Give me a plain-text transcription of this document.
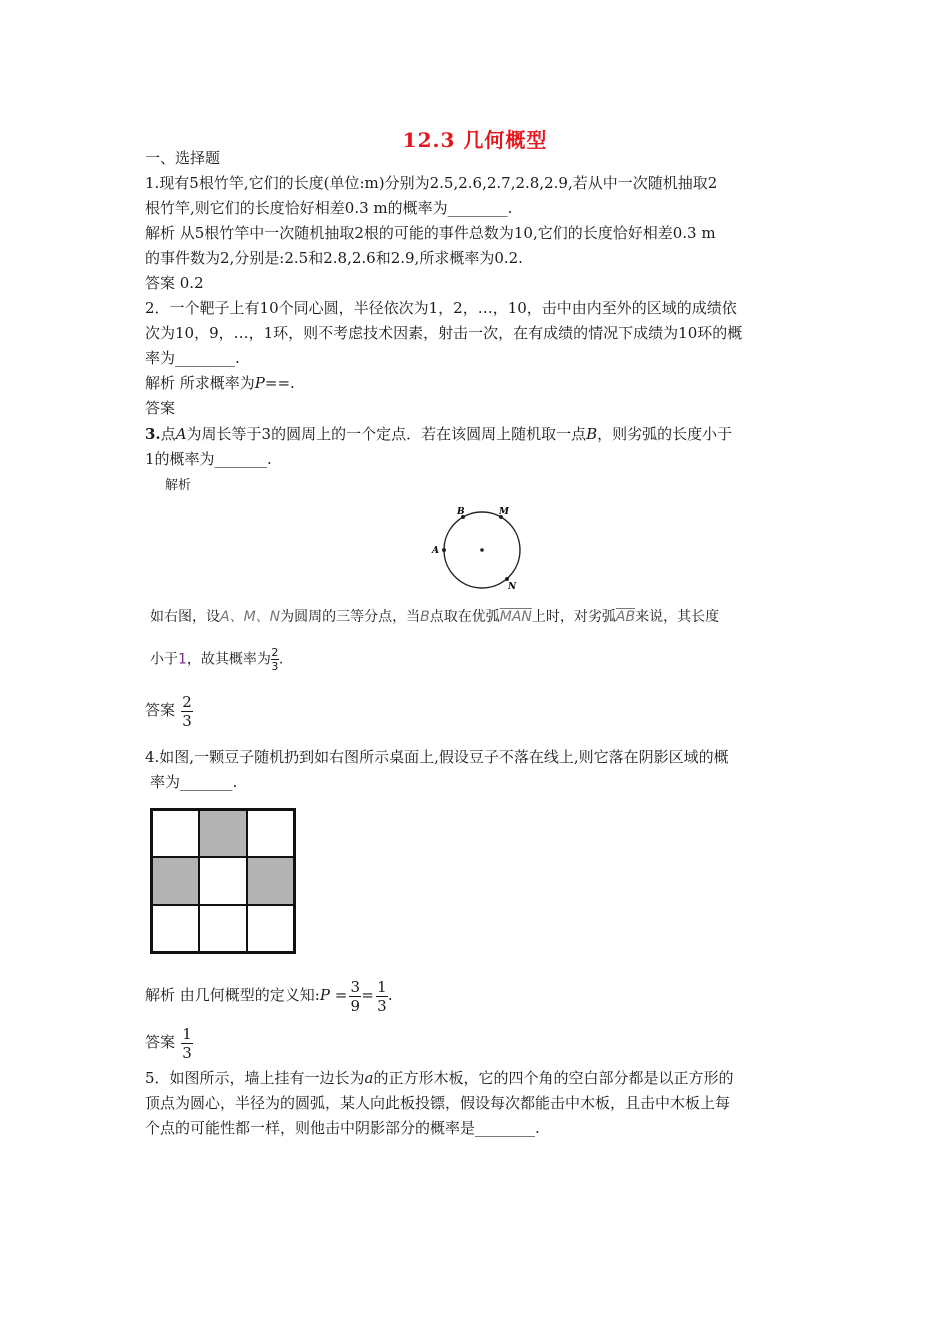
12.3 几何概型
一、选择题
1.现有5根竹竿,它们的长度(单位:m)分别为2.5,2.6,2.7,2.8,2.9,若从中一次随机抽取2
根竹竿,则它们的长度恰好相差0.3 m的概率为________.
解析 从5根竹竿中一次随机抽取2根的可能的事件总数为10,它们的长度恰好相差0.3 m
的事件数为2,分别是:2.5和2.8,2.6和2.9,所求概率为0.2.
答案 0.2
2．一个靶子上有10个同心圆，半径依次为1，2，…，10，击中由内至外的区域的成绩依
次为10，9，…，1环，则不考虑技术因素，射击一次，在有成绩的情况下成绩为10环的概
率为________.
解析 所求概率为P==.
答案
3.点A为周长等于3的圆周上的一个定点．若在该圆周上随机取一点B，则劣弧的长度小于
1的概率为_______.
解析
B	M
A
N
如右图，设A、M、N为圆周的三等分点，当B点取在优弧$\overline{MAN}$上时，对劣弧$\overline{AB}$来说，其长度
小于1，故其概率为 $\frac{2}{3}$ .
答案 $\frac{2}{3}$
4.如图,一颗豆子随机扔到如右图所示桌面上,假设豆子不落在线上,则它落在阴影区域的概
率为_______.
解析 由几何概型的定义知:P = $\frac{3}{9} = \frac{1}{3}$ .
答案 $\frac{1}{3}$
5．如图所示，墙上挂有一边长为a的正方形木板，它的四个角的空白部分都是以正方形的
顶点为圆心，半径为的圆弧，某人向此板投镖，假设每次都能击中木板，且击中木板上每
个点的可能性都一样，则他击中阴影部分的概率是________.
